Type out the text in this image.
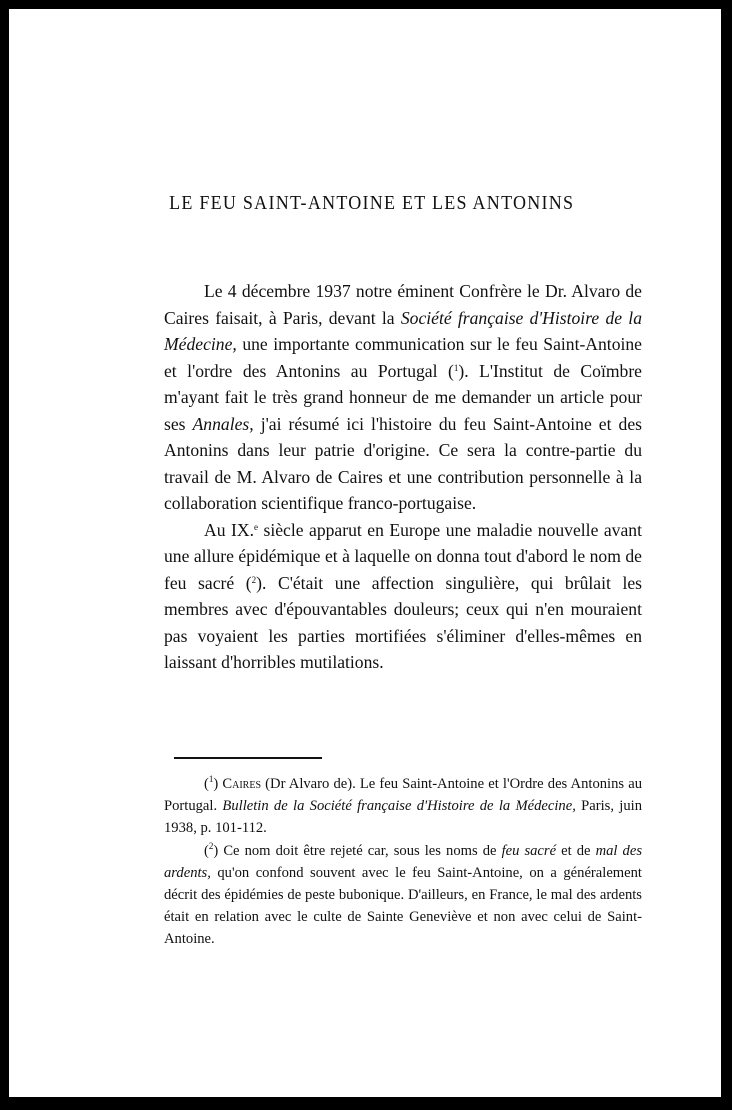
LE FEU SAINT-ANTOINE ET LES ANTONINS

Le 4 décembre 1937 notre éminent Confrère le Dr. Alvaro de Caires faisait, à Paris, devant la Société française d'Histoire de la Médecine, une importante communication sur le feu Saint-Antoine et l'ordre des Antonins au Portugal ($^1$). L'Institut de Coïmbre m'ayant fait le très grand honneur de me demander un article pour ses Annales, j'ai résumé ici l'histoire du feu Saint-Antoine et des Antonins dans leur patrie d'origine. Ce sera la contre-partie du travail de M. Alvaro de Caires et une contribution personnelle à la collaboration scientifique franco-portugaise.

Au IX.$^e$ siècle apparut en Europe une maladie nouvelle avant une allure épidémique et à laquelle on donna tout d'abord le nom de feu sacré ($^2$). C'était une affection singulière, qui brûlait les membres avec d'épouvantables douleurs; ceux qui n'en mouraient pas voyaient les parties mortifiées s'éliminer d'elles-mêmes en laissant d'horribles mutilations.

($^1$) Caires (Dr Alvaro de). Le feu Saint-Antoine et l'Ordre des Antonins au Portugal. Bulletin de la Société française d'Histoire de la Médecine, Paris, juin 1938, p. 101-112.

($^2$) Ce nom doit être rejeté car, sous les noms de feu sacré et de mal des ardents, qu'on confond souvent avec le feu Saint-Antoine, on a généralement décrit des épidémies de peste bubonique. D'ailleurs, en France, le mal des ardents était en relation avec le culte de Sainte Geneviève et non avec celui de Saint-Antoine.
